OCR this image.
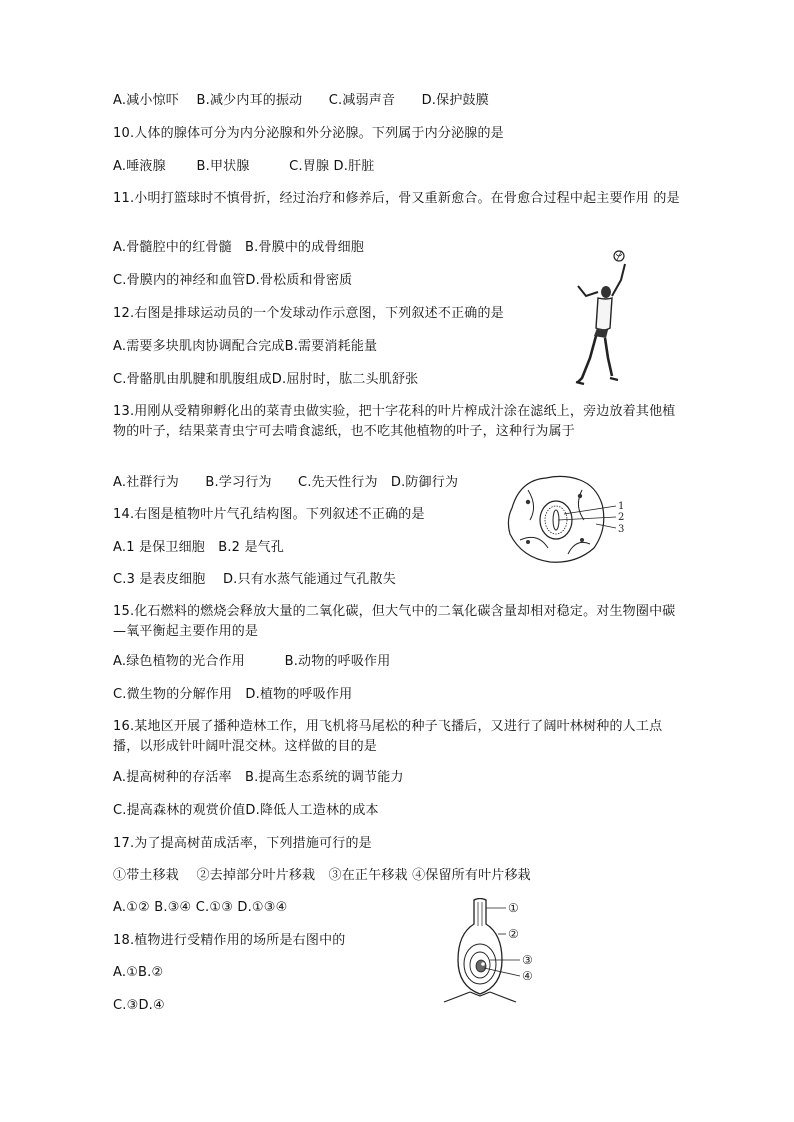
A.减小惊吓　 B.减少内耳的振动　　C.减弱声音　　D.保护鼓膜
10.人体的腺体可分为内分泌腺和外分泌腺。下列属于内分泌腺的是
A.唾液腺　　 B.甲状腺　　　C.胃腺 D.肝脏
11.小明打篮球时不慎骨折，经过治疗和修养后，骨又重新愈合。在骨愈合过程中起主要作用 的是
A.骨髓腔中的红骨髓　B.骨膜中的成骨细胞
C.骨膜内的神经和血管D.骨松质和骨密质
12.右图是排球运动员的一个发球动作示意图，下列叙述不正确的是
A.需要多块肌肉协调配合完成B.需要消耗能量
C.骨骼肌由肌腱和肌腹组成D.屈肘时，肱二头肌舒张
13.用刚从受精卵孵化出的菜青虫做实验，把十字花科的叶片榨成汁涂在滤纸上，旁边放着其他植物的叶子，结果菜青虫宁可去啃食滤纸，也不吃其他植物的叶子，这种行为属于
A.社群行为　　B.学习行为　　C.先天性行为　D.防御行为
1
2
3
14.右图是植物叶片气孔结构图。下列叙述不正确的是
A.1 是保卫细胞　B.2 是气孔
C.3 是表皮细胞　 D.只有水蒸气能通过气孔散失
15.化石燃料的燃烧会释放大量的二氧化碳，但大气中的二氧化碳含量却相对稳定。对生物圈中碳—氧平衡起主要作用的是
A.绿色植物的光合作用　　　B.动物的呼吸作用
C.微生物的分解作用　D.植物的呼吸作用
16.某地区开展了播种造林工作，用飞机将马尾松的种子飞播后，又进行了阔叶林树种的人工点播，以形成针叶阔叶混交林。这样做的目的是
A.提高树种的存活率　B.提高生态系统的调节能力
C.提高森林的观赏价值D.降低人工造林的成本
17.为了提高树苗成活率，下列措施可行的是
①带土移栽　 ②去掉部分叶片移栽　③在正午移栽 ④保留所有叶片移栽
A.①② B.③④ C.①③ D.①③④	①
②
③
④
18.植物进行受精作用的场所是右图中的
A.①B.②
C.③D.④
